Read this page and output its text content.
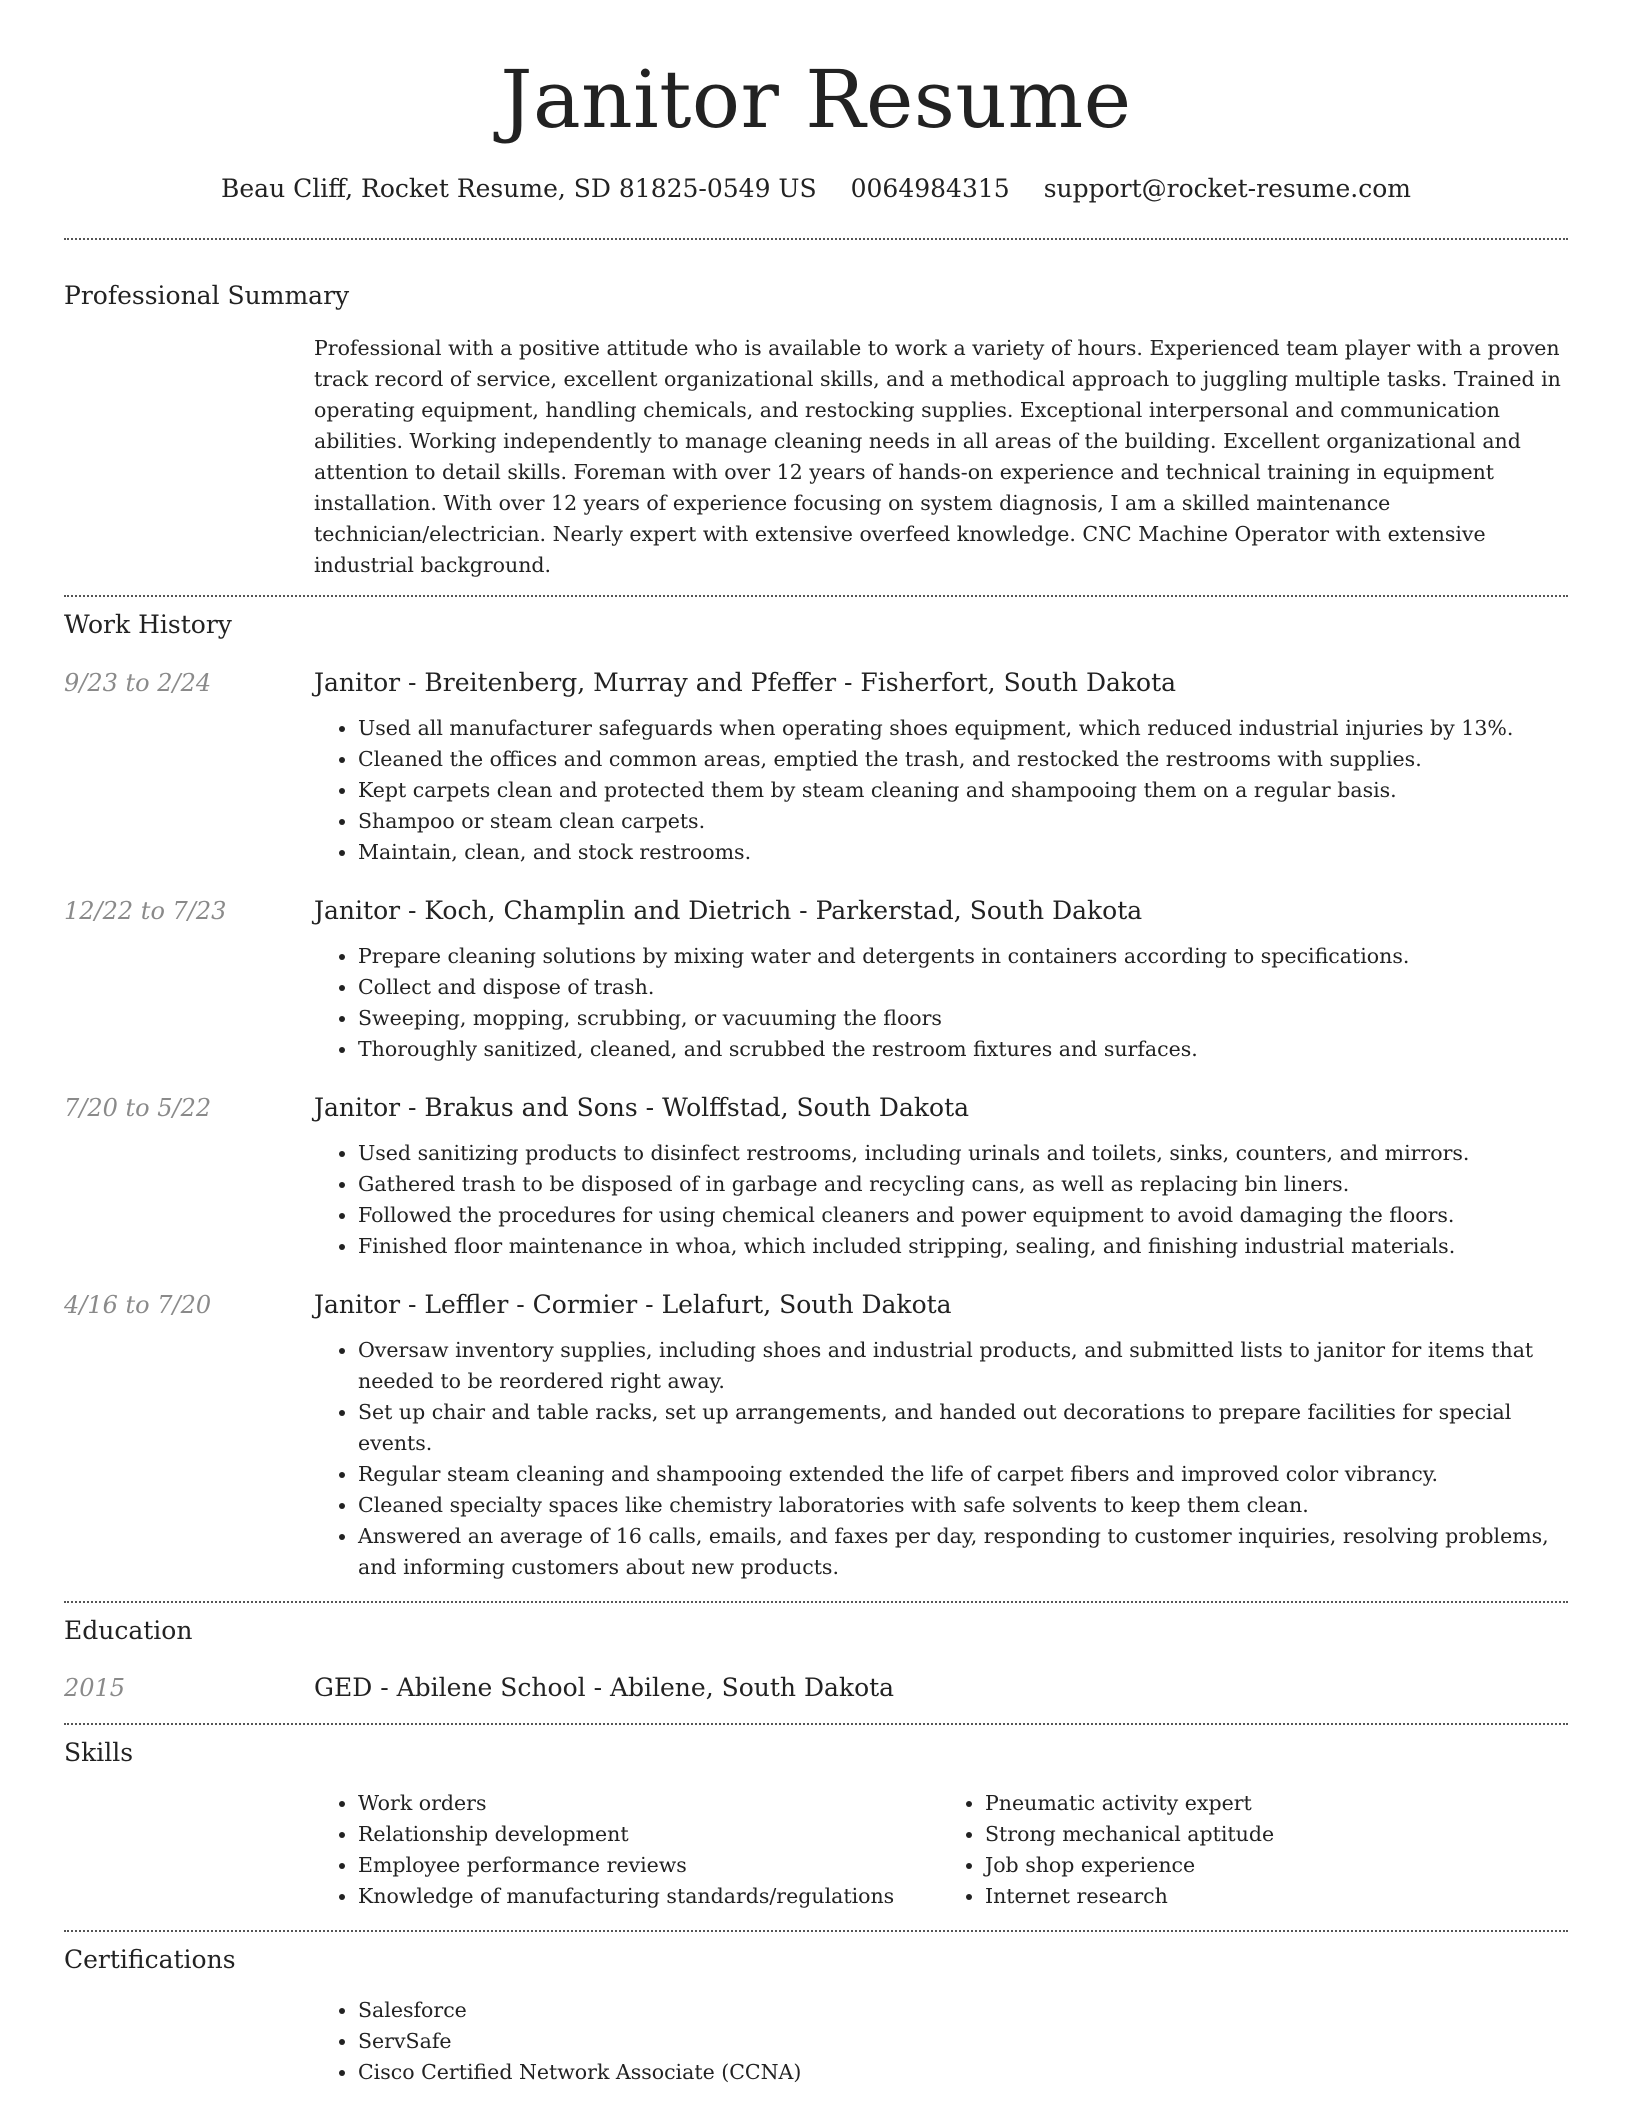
Janitor Resume
Beau Cliff, Rocket Resume, SD 81825-0549 US 0064984315 support@rocket-resume.com
Professional Summary

Professional with a positive attitude who is available to work a variety of hours. Experienced team player with a proven track record of service, excellent organizational skills, and a methodical approach to juggling multiple tasks. Trained in operating equipment, handling chemicals, and restocking supplies. Exceptional interpersonal and communication abilities. Working independently to manage cleaning needs in all areas of the building. Excellent organizational and attention to detail skills. Foreman with over 12 years of hands-on experience and technical training in equipment installation. With over 12 years of experience focusing on system diagnosis, I am a skilled maintenance technician/electrician. Nearly expert with extensive overfeed knowledge. CNC Machine Operator with extensive industrial background.

Work History
9/23 to 2/24	Janitor - Breitenberg, Murray and Pfeffer - Fisherfort, South Dakota

• Used all manufacturer safeguards when operating shoes equipment, which reduced industrial injuries by 13%.
• Cleaned the offices and common areas, emptied the trash, and restocked the restrooms with supplies.
• Kept carpets clean and protected them by steam cleaning and shampooing them on a regular basis.
• Shampoo or steam clean carpets.
• Maintain, clean, and stock restrooms.
12/22 to 7/23	Janitor - Koch, Champlin and Dietrich - Parkerstad, South Dakota

• Prepare cleaning solutions by mixing water and detergents in containers according to specifications.
• Collect and dispose of trash.
• Sweeping, mopping, scrubbing, or vacuuming the floors
• Thoroughly sanitized, cleaned, and scrubbed the restroom fixtures and surfaces.
7/20 to 5/22	Janitor - Brakus and Sons - Wolffstad, South Dakota

• Used sanitizing products to disinfect restrooms, including urinals and toilets, sinks, counters, and mirrors.
• Gathered trash to be disposed of in garbage and recycling cans, as well as replacing bin liners.
• Followed the procedures for using chemical cleaners and power equipment to avoid damaging the floors.
• Finished floor maintenance in whoa, which included stripping, sealing, and finishing industrial materials.
4/16 to 7/20	Janitor - Leffler - Cormier - Lelafurt, South Dakota

• Oversaw inventory supplies, including shoes and industrial products, and submitted lists to janitor for items that needed to be reordered right away.
• Set up chair and table racks, set up arrangements, and handed out decorations to prepare facilities for special events.
• Regular steam cleaning and shampooing extended the life of carpet fibers and improved color vibrancy.
• Cleaned specialty spaces like chemistry laboratories with safe solvents to keep them clean.
• Answered an average of 16 calls, emails, and faxes per day, responding to customer inquiries, resolving problems, and informing customers about new products.
Education
2015	GED - Abilene School - Abilene, South Dakota

Skills
• Work orders
• Relationship development
• Employee performance reviews
• Knowledge of manufacturing standards/regulations
• Pneumatic activity expert
• Strong mechanical aptitude
• Job shop experience
• Internet research
Certifications
• Salesforce
• ServSafe
• Cisco Certified Network Associate (CCNA)
